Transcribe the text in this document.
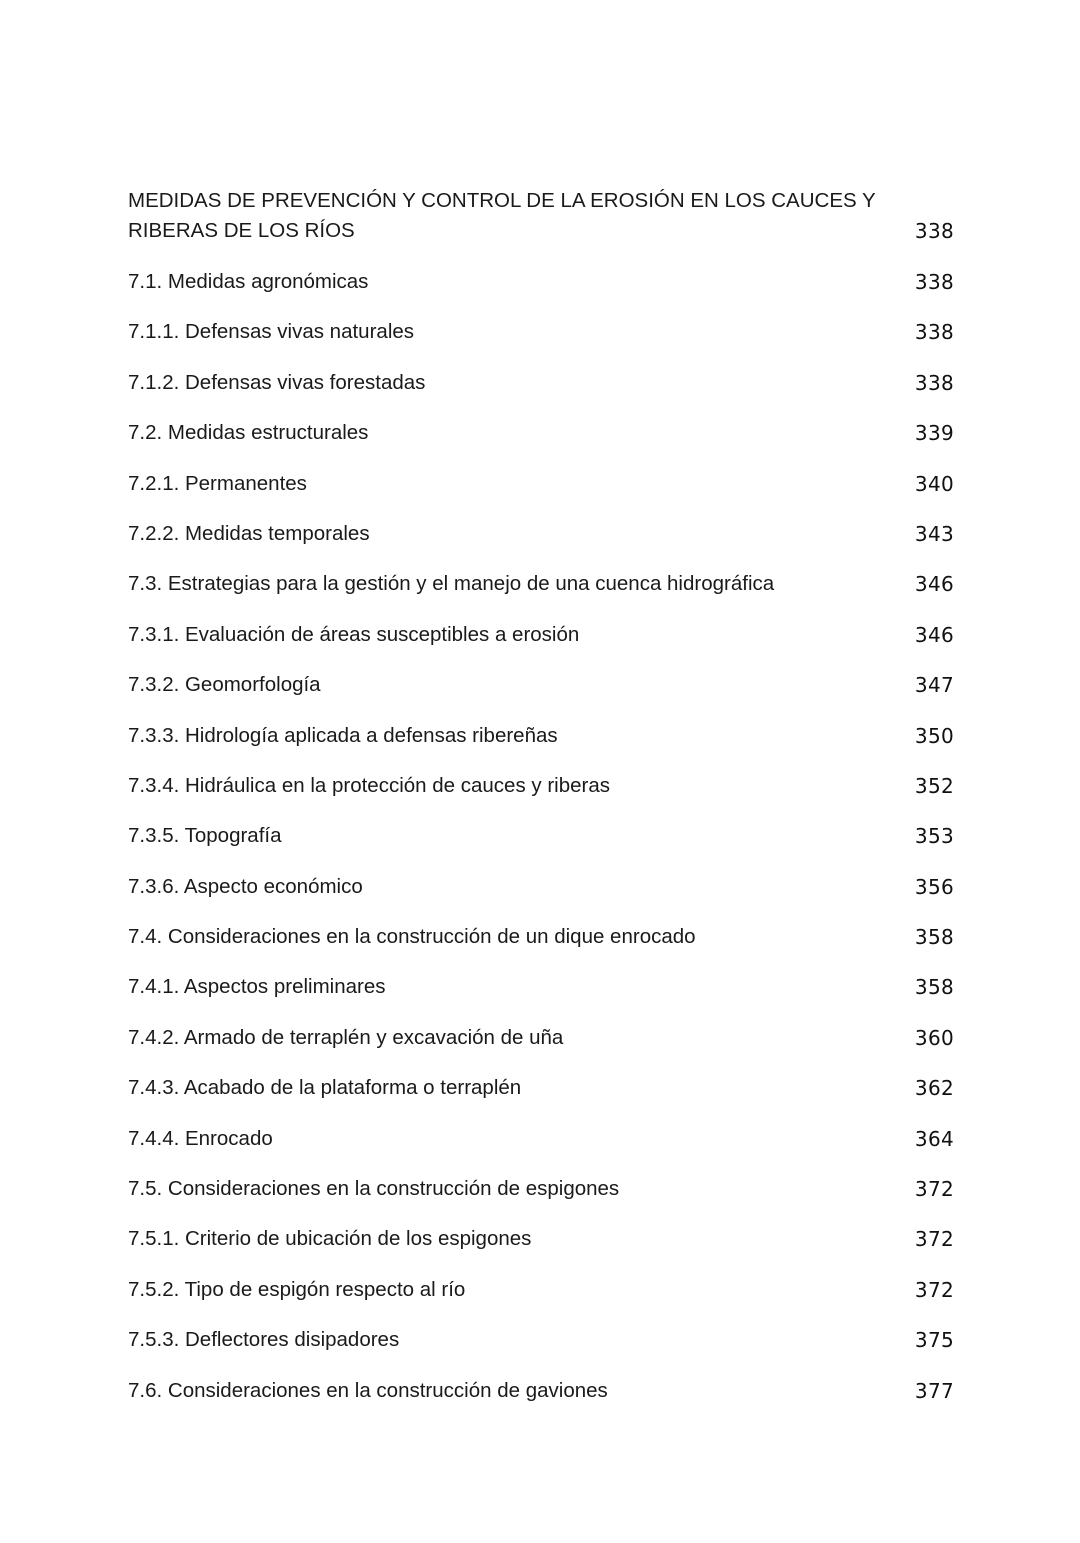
MEDIDAS DE PREVENCIÓN Y CONTROL DE LA EROSIÓN EN LOS CAUCES Y
RIBERAS DE LOS RÍOS	338
7.1. Medidas agronómicas	338
7.1.1. Defensas vivas naturales	338
7.1.2. Defensas vivas forestadas	338
7.2. Medidas estructurales	339
7.2.1. Permanentes	340
7.2.2. Medidas temporales	343
7.3. Estrategias para la gestión y el manejo de una cuenca hidrográfica	346
7.3.1. Evaluación de áreas susceptibles a erosión	346
7.3.2. Geomorfología	347
7.3.3. Hidrología aplicada a defensas ribereñas	350
7.3.4. Hidráulica en la protección de cauces y riberas	352
7.3.5. Topografía	353
7.3.6. Aspecto económico	356
7.4. Consideraciones en la construcción de un dique enrocado	358
7.4.1. Aspectos preliminares	358
7.4.2. Armado de terraplén y excavación de uña	360
7.4.3. Acabado de la plataforma o terraplén	362
7.4.4. Enrocado	364
7.5. Consideraciones en la construcción de espigones	372
7.5.1. Criterio de ubicación de los espigones	372
7.5.2. Tipo de espigón respecto al río	372
7.5.3. Deflectores disipadores	375
7.6. Consideraciones en la construcción de gaviones	377
